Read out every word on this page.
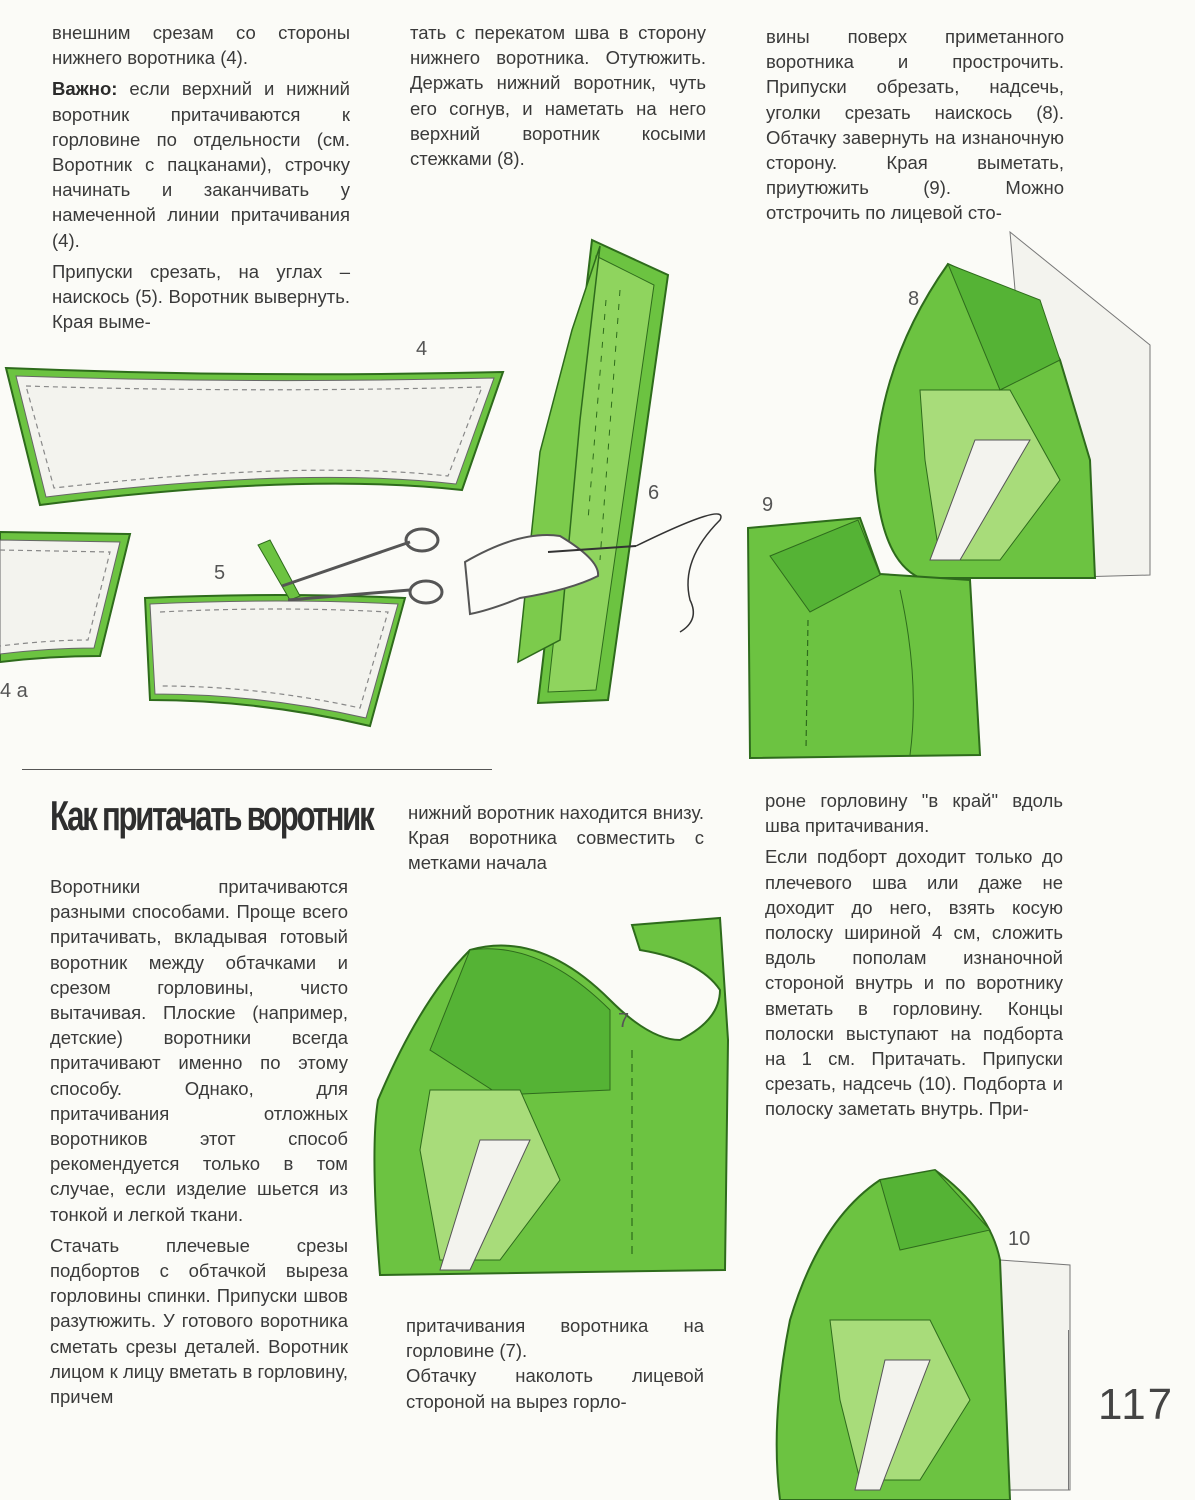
4
4 а
5
6
8
9
7
10

внешним срезам со стороны нижнего воротника (4).

Важно: если верхний и нижний воротник притачиваются к горловине по отдельности (см. Воротник с пацканами), строчку начинать и заканчивать у намеченной линии притачивания (4).

Припуски срезать, на углах – наискось (5). Воротник вывернуть. Края выме-

тать с перекатом шва в сторону нижнего воротника. Отутюжить. Держать нижний воротник, чуть его согнув, и наметать на него верхний воротник косыми стежками (8).

вины поверх приметанного воротника и прострочить. Припуски обрезать, надсечь, уголки срезать наискось (8). Обтачку завернуть на изнаночную сторону. Края выметать, приутюжить (9). Можно отстрочить по лицевой сто-

Как притачать воротник

Воротники притачиваются разными способами. Проще всего притачивать, вкладывая готовый воротник между обтачками и срезом горловины, чисто вытачивая. Плоские (например, детские) воротники всегда притачивают именно по этому способу. Однако, для притачивания отложных воротников этот способ рекомендуется только в том случае, если изделие шьется из тонкой и легкой ткани.

Стачать плечевые срезы подбортов с обтачкой выреза горловины спинки. Припуски швов разутюжить. У готового воротника сметать срезы деталей. Воротник лицом к лицу вметать в горловину, причем

нижний воротник находится внизу. Края воротника совместить с метками начала

притачивания воротника на горловине (7).

Обтачку наколоть лицевой стороной на вырез горло-

роне горловину "в край" вдоль шва притачивания.

Если подборт доходит только до плечевого шва или даже не доходит до него, взять косую полоску шириной 4 см, сложить вдоль пополам изнаночной стороной внутрь и по воротнику вметать в горловину. Концы полоски выступают на подборта на 1 см. Притачать. Припуски срезать, надсечь (10). Подборта и полоску заметать внутрь. При-

117
